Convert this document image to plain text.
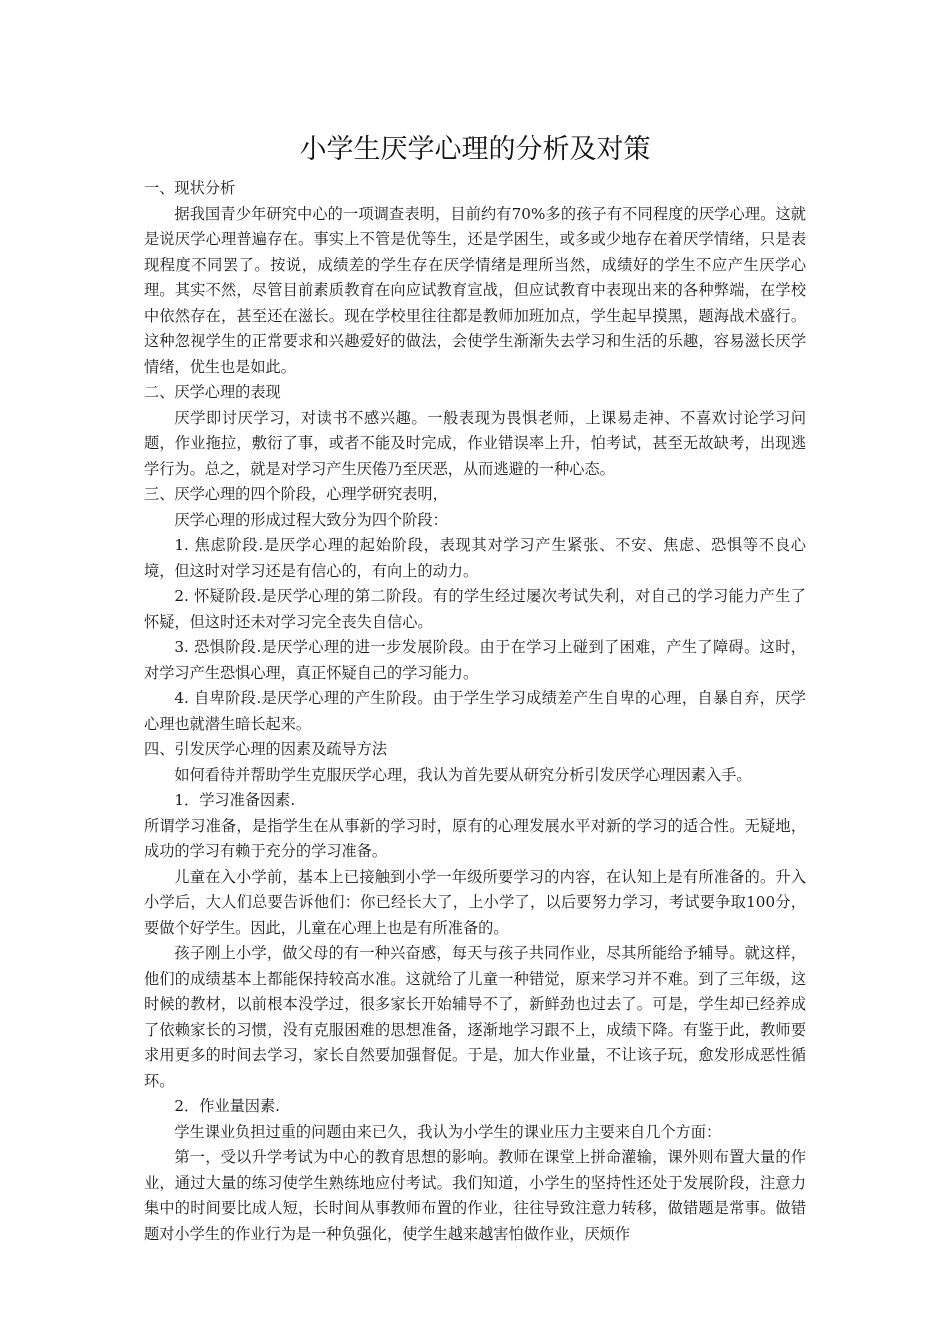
小学生厌学心理的分析及对策

一、现状分析

据我国青少年研究中心的一项调查表明，目前约有70%多的孩子有不同程度的厌学心理。这就是说厌学心理普遍存在。事实上不管是优等生，还是学困生，或多或少地存在着厌学情绪，只是表现程度不同罢了。按说，成绩差的学生存在厌学情绪是理所当然，成绩好的学生不应产生厌学心理。其实不然，尽管目前素质教育在向应试教育宣战，但应试教育中表现出来的各种弊端，在学校中依然存在，甚至还在滋长。现在学校里往往都是教师加班加点，学生起早摸黑，题海战术盛行。这种忽视学生的正常要求和兴趣爱好的做法，会使学生渐渐失去学习和生活的乐趣，容易滋长厌学情绪，优生也是如此。

二、厌学心理的表现

厌学即讨厌学习，对读书不感兴趣。一般表现为畏惧老师，上课易走神、不喜欢讨论学习问题，作业拖拉，敷衍了事，或者不能及时完成，作业错误率上升，怕考试，甚至无故缺考，出现逃学行为。总之，就是对学习产生厌倦乃至厌恶，从而逃避的一种心态。

三、厌学心理的四个阶段，心理学研究表明，

厌学心理的形成过程大致分为四个阶段：

1. 焦虑阶段.是厌学心理的起始阶段，表现其对学习产生紧张、不安、焦虑、恐惧等不良心境，但这时对学习还是有信心的，有向上的动力。

2. 怀疑阶段.是厌学心理的第二阶段。有的学生经过屡次考试失利，对自己的学习能力产生了怀疑，但这时还未对学习完全丧失自信心。

3. 恐惧阶段.是厌学心理的进一步发展阶段。由于在学习上碰到了困难，产生了障碍。这时，对学习产生恐惧心理，真正怀疑自己的学习能力。

4. 自卑阶段.是厌学心理的产生阶段。由于学生学习成绩差产生自卑的心理，自暴自弃，厌学心理也就潜生暗长起来。

四、引发厌学心理的因素及疏导方法

如何看待并帮助学生克服厌学心理，我认为首先要从研究分析引发厌学心理因素入手。

1．学习准备因素.

所谓学习准备，是指学生在从事新的学习时，原有的心理发展水平对新的学习的适合性。无疑地，成功的学习有赖于充分的学习准备。

儿童在入小学前，基本上已接触到小学一年级所要学习的内容，在认知上是有所准备的。升入小学后，大人们总要告诉他们：你已经长大了，上小学了，以后要努力学习，考试要争取100分，要做个好学生。因此，儿童在心理上也是有所准备的。

孩子刚上小学，做父母的有一种兴奋感，每天与孩子共同作业，尽其所能给予辅导。就这样，他们的成绩基本上都能保持较高水准。这就给了儿童一种错觉，原来学习并不难。到了三年级，这时候的教材，以前根本没学过，很多家长开始辅导不了，新鲜劲也过去了。可是，学生却已经养成了依赖家长的习惯，没有克服困难的思想准备，逐渐地学习跟不上，成绩下降。有鉴于此，教师要求用更多的时间去学习，家长自然要加强督促。于是，加大作业量，不让该子玩，愈发形成恶性循环。

2．作业量因素.

学生课业负担过重的问题由来已久，我认为小学生的课业压力主要来自几个方面：

第一，受以升学考试为中心的教育思想的影响。教师在课堂上拼命灌输，课外则布置大量的作业，通过大量的练习使学生熟练地应付考试。我们知道，小学生的坚持性还处于发展阶段，注意力集中的时间要比成人短，长时间从事教师布置的作业，往往导致注意力转移，做错题是常事。做错题对小学生的作业行为是一种负强化，使学生越来越害怕做作业，厌烦作
